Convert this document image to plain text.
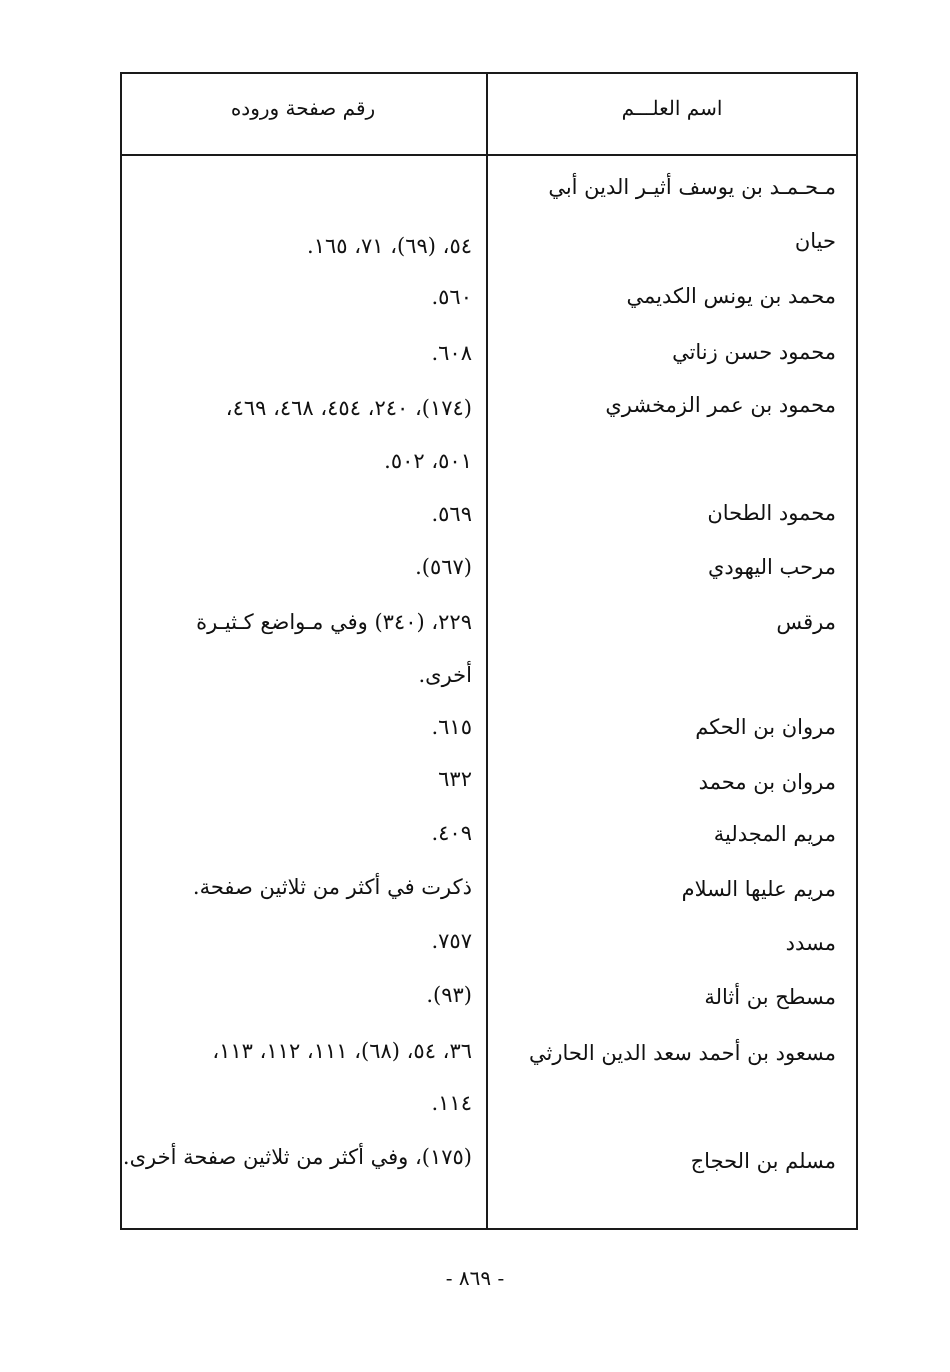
اسم العلـــم
رقم صفحة وروده
مـحـمـد بن يوسف أثيـر الدين أبي
حيان
٥٤، (٦٩)، ٧١، ١٦٥.
محمد بن يونس الكديمي
٥٦٠.
محمود حسن زناتي
٦٠٨.
محمود بن عمر الزمخشري
(١٧٤)، ٢٤٠، ٤٥٤، ٤٦٨، ٤٦٩،
٥٠١، ٥٠٢.
محمود الطحان
٥٦٩.
مرحب اليهودي
(٥٦٧).
مرقس
٢٢٩، (٣٤٠) وفي مـواضع كـثيـرة
أخرى.
مروان بن الحكم
٦١٥.
مروان بن محمد
٦٣٢
مريم المجدلية
٤٠٩.
مريم عليها السلام
ذكرت في أكثر من ثلاثين صفحة.
مسدد
٧٥٧.
مسطح بن أثالة
(٩٣).
مسعود بن أحمد سعد الدين الحارثي
٣٦، ٥٤، (٦٨)، ١١١، ١١٢، ١١٣،
١١٤.
مسلم بن الحجاج
(١٧٥)، وفي أكثر من ثلاثين صفحة أخرى.
- ٨٦٩ -
